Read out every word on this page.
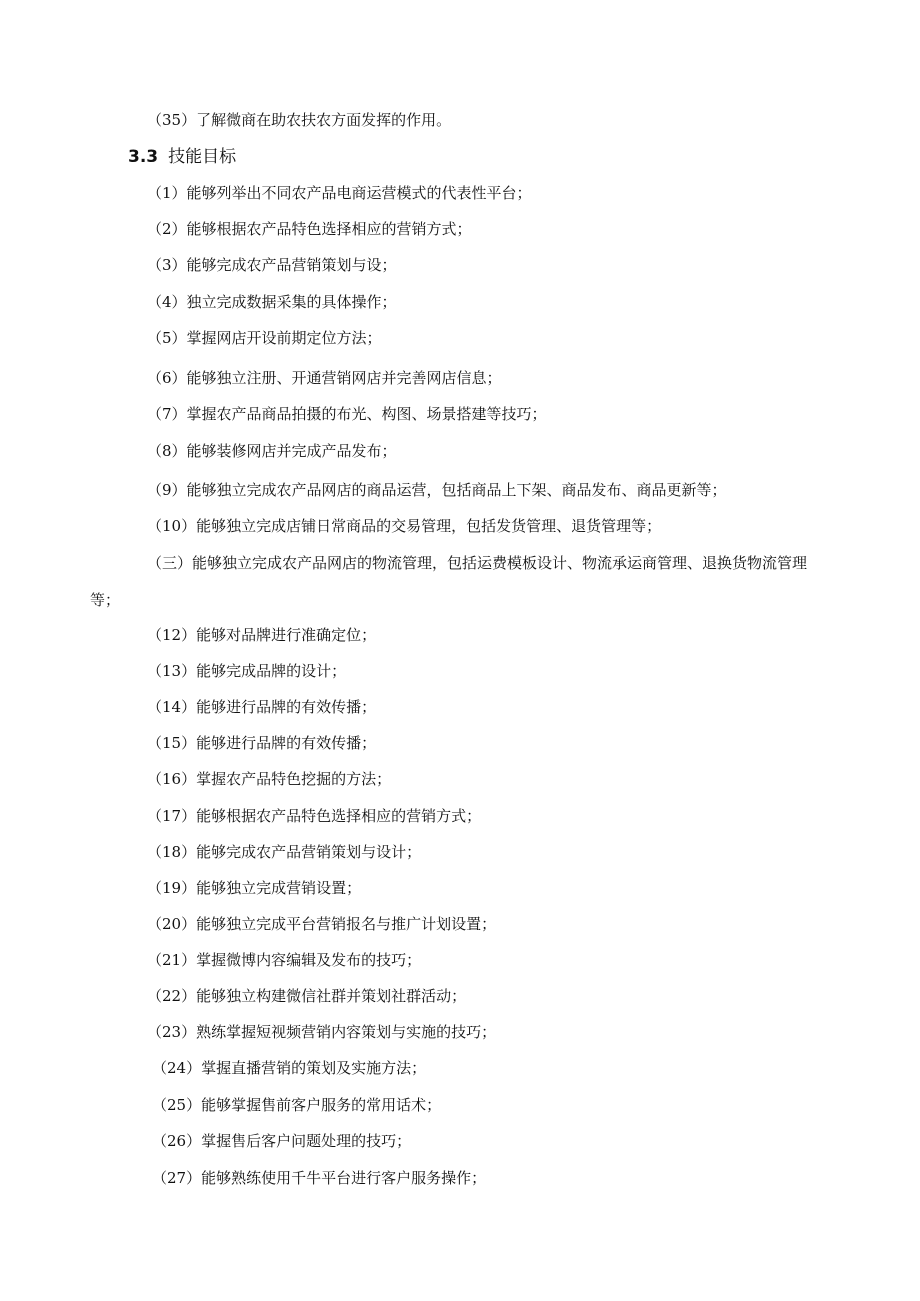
（35）了解微商在助农扶农方面发挥的作用。
3.3 技能目标
（1）能够列举出不同农产品电商运营模式的代表性平台；
（2）能够根据农产品特色选择相应的营销方式；
（3）能够完成农产品营销策划与设；
（4）独立完成数据采集的具体操作；
（5）掌握网店开设前期定位方法；
（6）能够独立注册、开通营销网店并完善网店信息；
（7）掌握农产品商品拍摄的布光、构图、场景搭建等技巧；
（8）能够装修网店并完成产品发布；
（9）能够独立完成农产品网店的商品运营，包括商品上下架、商品发布、商品更新等；
（10）能够独立完成店铺日常商品的交易管理，包括发货管理、退货管理等；
（三）能够独立完成农产品网店的物流管理，包括运费模板设计、物流承运商管理、退换货物流管理
等；
（12）能够对品牌进行准确定位；
（13）能够完成品牌的设计；
（14）能够进行品牌的有效传播；
（15）能够进行品牌的有效传播；
（16）掌握农产品特色挖掘的方法；
（17）能够根据农产品特色选择相应的营销方式；
（18）能够完成农产品营销策划与设计；
（19）能够独立完成营销设置；
（20）能够独立完成平台营销报名与推广计划设置；
（21）掌握微博内容编辑及发布的技巧；
（22）能够独立构建微信社群并策划社群活动；
（23）熟练掌握短视频营销内容策划与实施的技巧；
（24）掌握直播营销的策划及实施方法；
（25）能够掌握售前客户服务的常用话术；
（26）掌握售后客户问题处理的技巧；
（27）能够熟练使用千牛平台进行客户服务操作；
